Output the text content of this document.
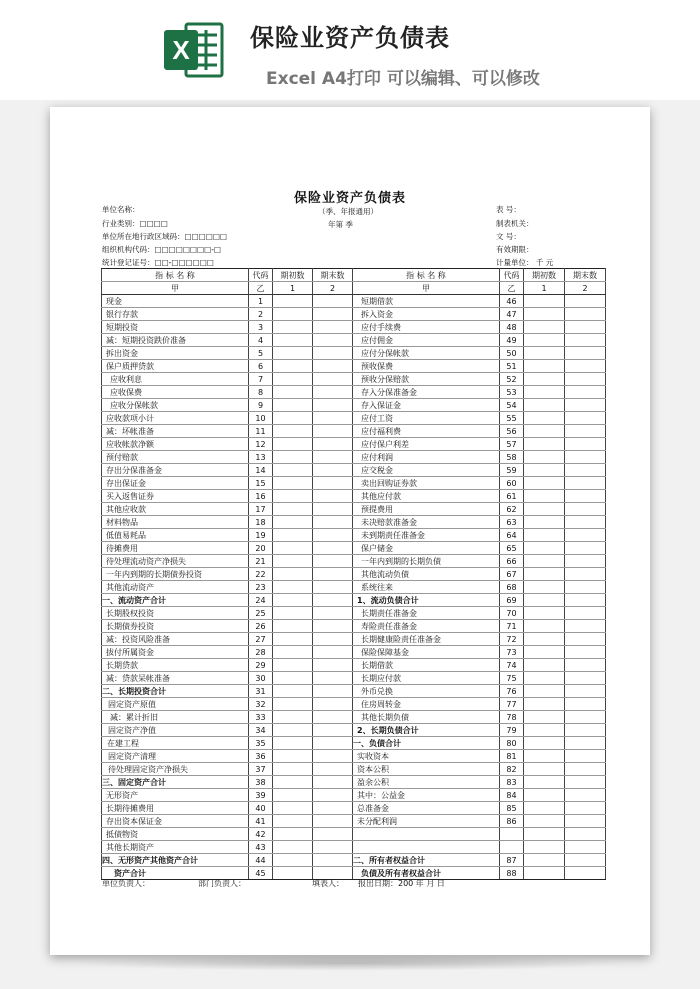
X	保险业资产负债表
Excel A4打印 可以编辑、可以修改
保险业资产负债表
（季、年报通用）
年第 季
单位名称：
行业类别：□□□□
单位所在地行政区域码：□□□□□□
组织机构代码：□□□□□□□□-□
统计登记证号：□□-□□□□□□
表 号：
制表机关：
文 号：
有效期限：
计量单位： 千 元
指 标 名 称	代码	期初数	期末数	指 标 名 称	代码	期初数	期末数
甲	乙	1	2	甲	乙	1	2
现金	1			短期借款	46		
银行存款	2			拆入资金	47		
短期投资	3			应付手续费	48		
减：短期投资跌价准备	4			应付佣金	49		
拆出资金	5			应付分保帐款	50		
保户质押贷款	6			预收保费	51		
应收利息	7			预收分保赔款	52		
应收保费	8			存入分保准备金	53		
应收分保帐款	9			存入保证金	54		
应收款项小计	10			应付工资	55		
减：坏帐准备	11			应付福利费	56		
应收帐款净额	12			应付保户利差	57		
预付赔款	13			应付利润	58		
存出分保准备金	14			应交税金	59		
存出保证金	15			卖出回购证券款	60		
买入返售证券	16			其他应付款	61		
其他应收款	17			预提费用	62		
材料物品	18			未决赔款准备金	63		
低值易耗品	19			未到期责任准备金	64		
待摊费用	20			保户储金	65		
待处理流动资产净损失	21			一年内到期的长期负债	66		
一年内到期的长期债券投资	22			其他流动负债	67		
其他流动资产	23			系统往来	68		
一、流动资产合计	24			1、流动负债合计	69		
长期股权投资	25			长期责任准备金	70		
长期债券投资	26			寿险责任准备金	71		
减：投资风险准备	27			长期健康险责任准备金	72		
拔付所属资金	28			保险保障基金	73		
长期贷款	29			长期借款	74		
减：贷款呆帐准备	30			长期应付款	75		
二、长期投资合计	31			外币兑换	76		
固定资产原值	32			住房周转金	77		
减：累计折旧	33			其他长期负债	78		
固定资产净值	34			2、长期负债合计	79		
在建工程	35			一、负债合计	80		
固定资产清理	36			实收资本	81		
待处理固定资产净损失	37			资本公积	82		
三、固定资产合计	38			盈余公积	83		
无形资产	39			其中：公益金	84		
长期待摊费用	40			总准备金	85		
存出资本保证金	41			未分配利润	86		
抵债物资	42						
其他长期资产	43						
四、无形资产其他资产合计	44			二、所有者权益合计	87		
资产合计	45			负债及所有者权益合计	88		
单位负责人：	部门负责人：	填表人： 报出日期：200 年 月 日
